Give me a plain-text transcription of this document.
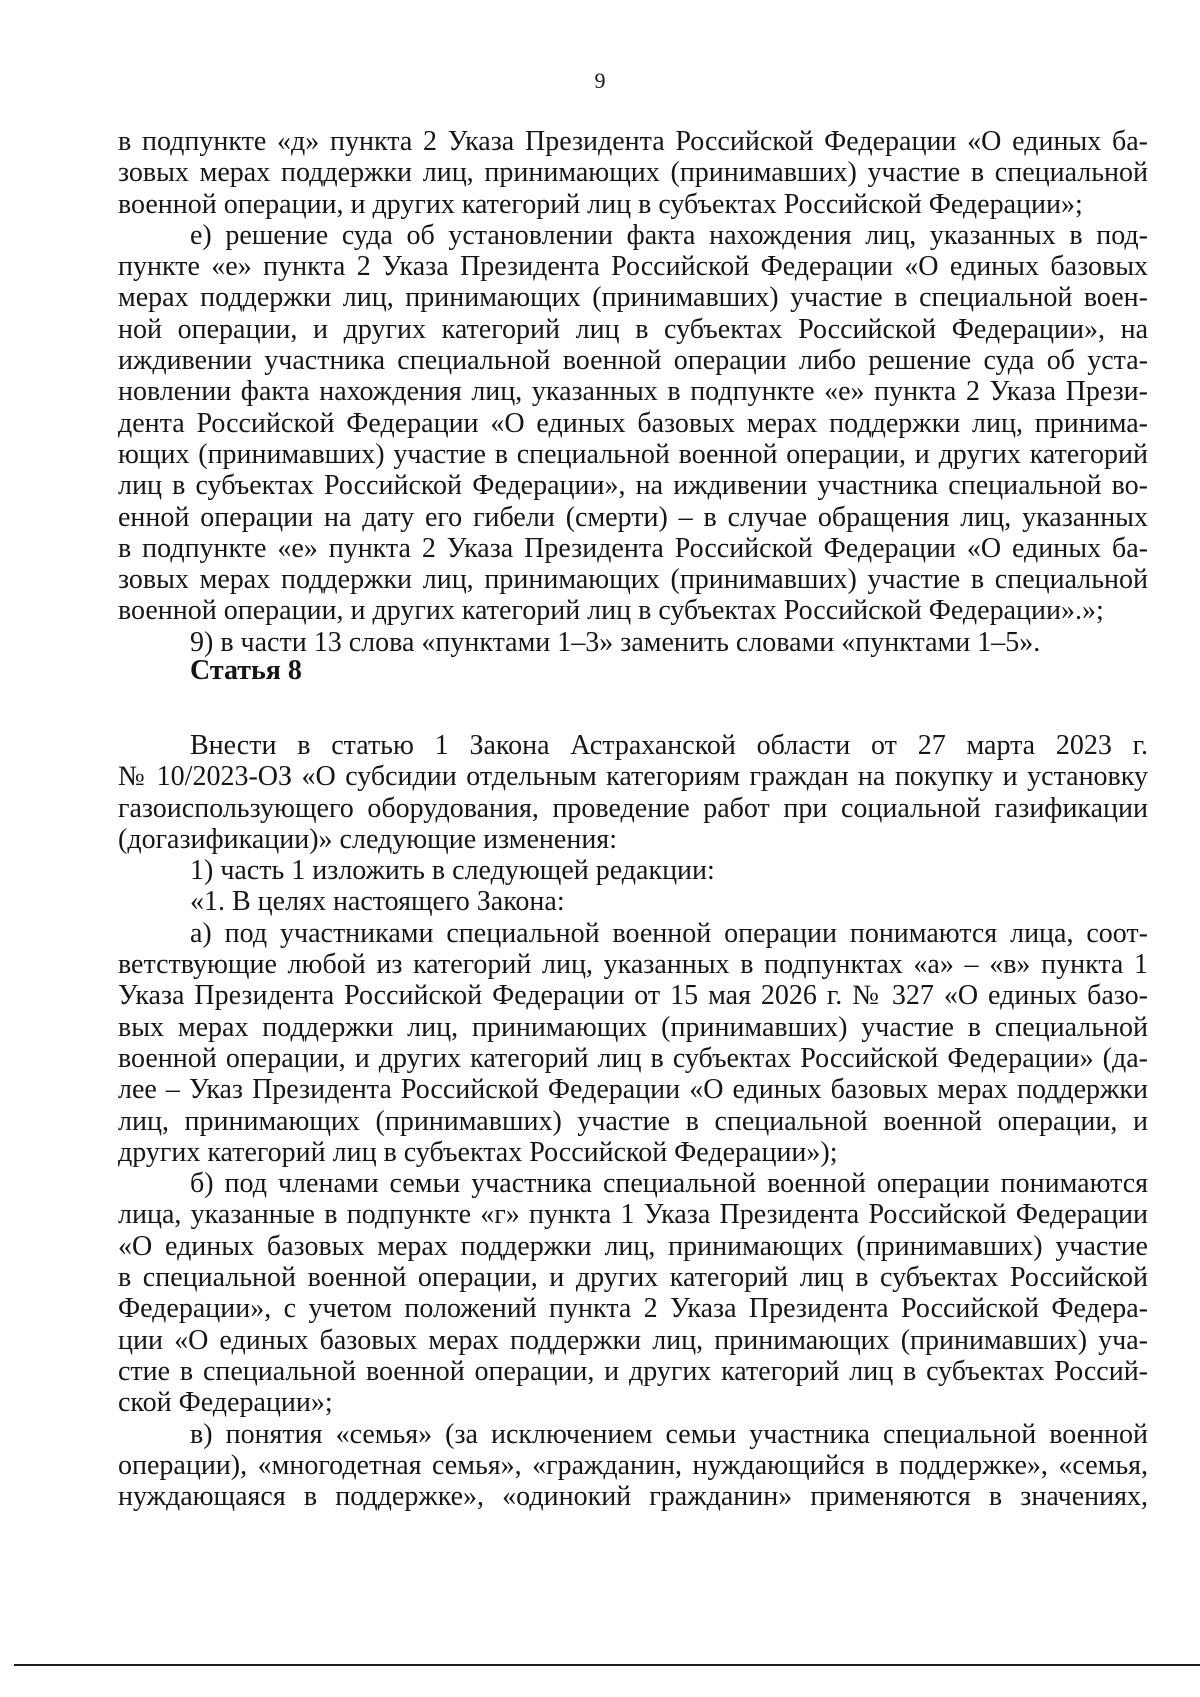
9
в подпункте «д» пункта 2 Указа Президента Российской Федерации «О единых ба-
зовых мерах поддержки лиц, принимающих (принимавших) участие в специальной
военной операции, и других категорий лиц в субъектах Российской Федерации»;
е) решение суда об установлении факта нахождения лиц, указанных в под-
пункте «е» пункта 2 Указа Президента Российской Федерации «О единых базовых
мерах поддержки лиц, принимающих (принимавших) участие в специальной воен-
ной операции, и других категорий лиц в субъектах Российской Федерации», на
иждивении участника специальной военной операции либо решение суда об уста-
новлении факта нахождения лиц, указанных в подпункте «е» пункта 2 Указа Прези-
дента Российской Федерации «О единых базовых мерах поддержки лиц, принима-
ющих (принимавших) участие в специальной военной операции, и других категорий
лиц в субъектах Российской Федерации», на иждивении участника специальной во-
енной операции на дату его гибели (смерти) – в случае обращения лиц, указанных
в подпункте «е» пункта 2 Указа Президента Российской Федерации «О единых ба-
зовых мерах поддержки лиц, принимающих (принимавших) участие в специальной
военной операции, и других категорий лиц в субъектах Российской Федерации».»;
9) в части 13 слова «пунктами 1–3» заменить словами «пунктами 1–5».
Статья 8
Внести в статью 1 Закона Астраханской области от 27 марта 2023 г.
№ 10/2023-ОЗ «О субсидии отдельным категориям граждан на покупку и установку
газоиспользующего оборудования, проведение работ при социальной газификации
(догазификации)» следующие изменения:
1) часть 1 изложить в следующей редакции:
«1. В целях настоящего Закона:
а) под участниками специальной военной операции понимаются лица, соот-
ветствующие любой из категорий лиц, указанных в подпунктах «а» – «в» пункта 1
Указа Президента Российской Федерации от 15 мая 2026 г. № 327 «О единых базо-
вых мерах поддержки лиц, принимающих (принимавших) участие в специальной
военной операции, и других категорий лиц в субъектах Российской Федерации» (да-
лее – Указ Президента Российской Федерации «О единых базовых мерах поддержки
лиц, принимающих (принимавших) участие в специальной военной операции, и
других категорий лиц в субъектах Российской Федерации»);
б) под членами семьи участника специальной военной операции понимаются
лица, указанные в подпункте «г» пункта 1 Указа Президента Российской Федерации
«О единых базовых мерах поддержки лиц, принимающих (принимавших) участие
в специальной военной операции, и других категорий лиц в субъектах Российской
Федерации», с учетом положений пункта 2 Указа Президента Российской Федера-
ции «О единых базовых мерах поддержки лиц, принимающих (принимавших) уча-
стие в специальной военной операции, и других категорий лиц в субъектах Россий-
ской Федерации»;
в) понятия «семья» (за исключением семьи участника специальной военной
операции), «многодетная семья», «гражданин, нуждающийся в поддержке», «семья,
нуждающаяся в поддержке», «одинокий гражданин» применяются в значениях,
